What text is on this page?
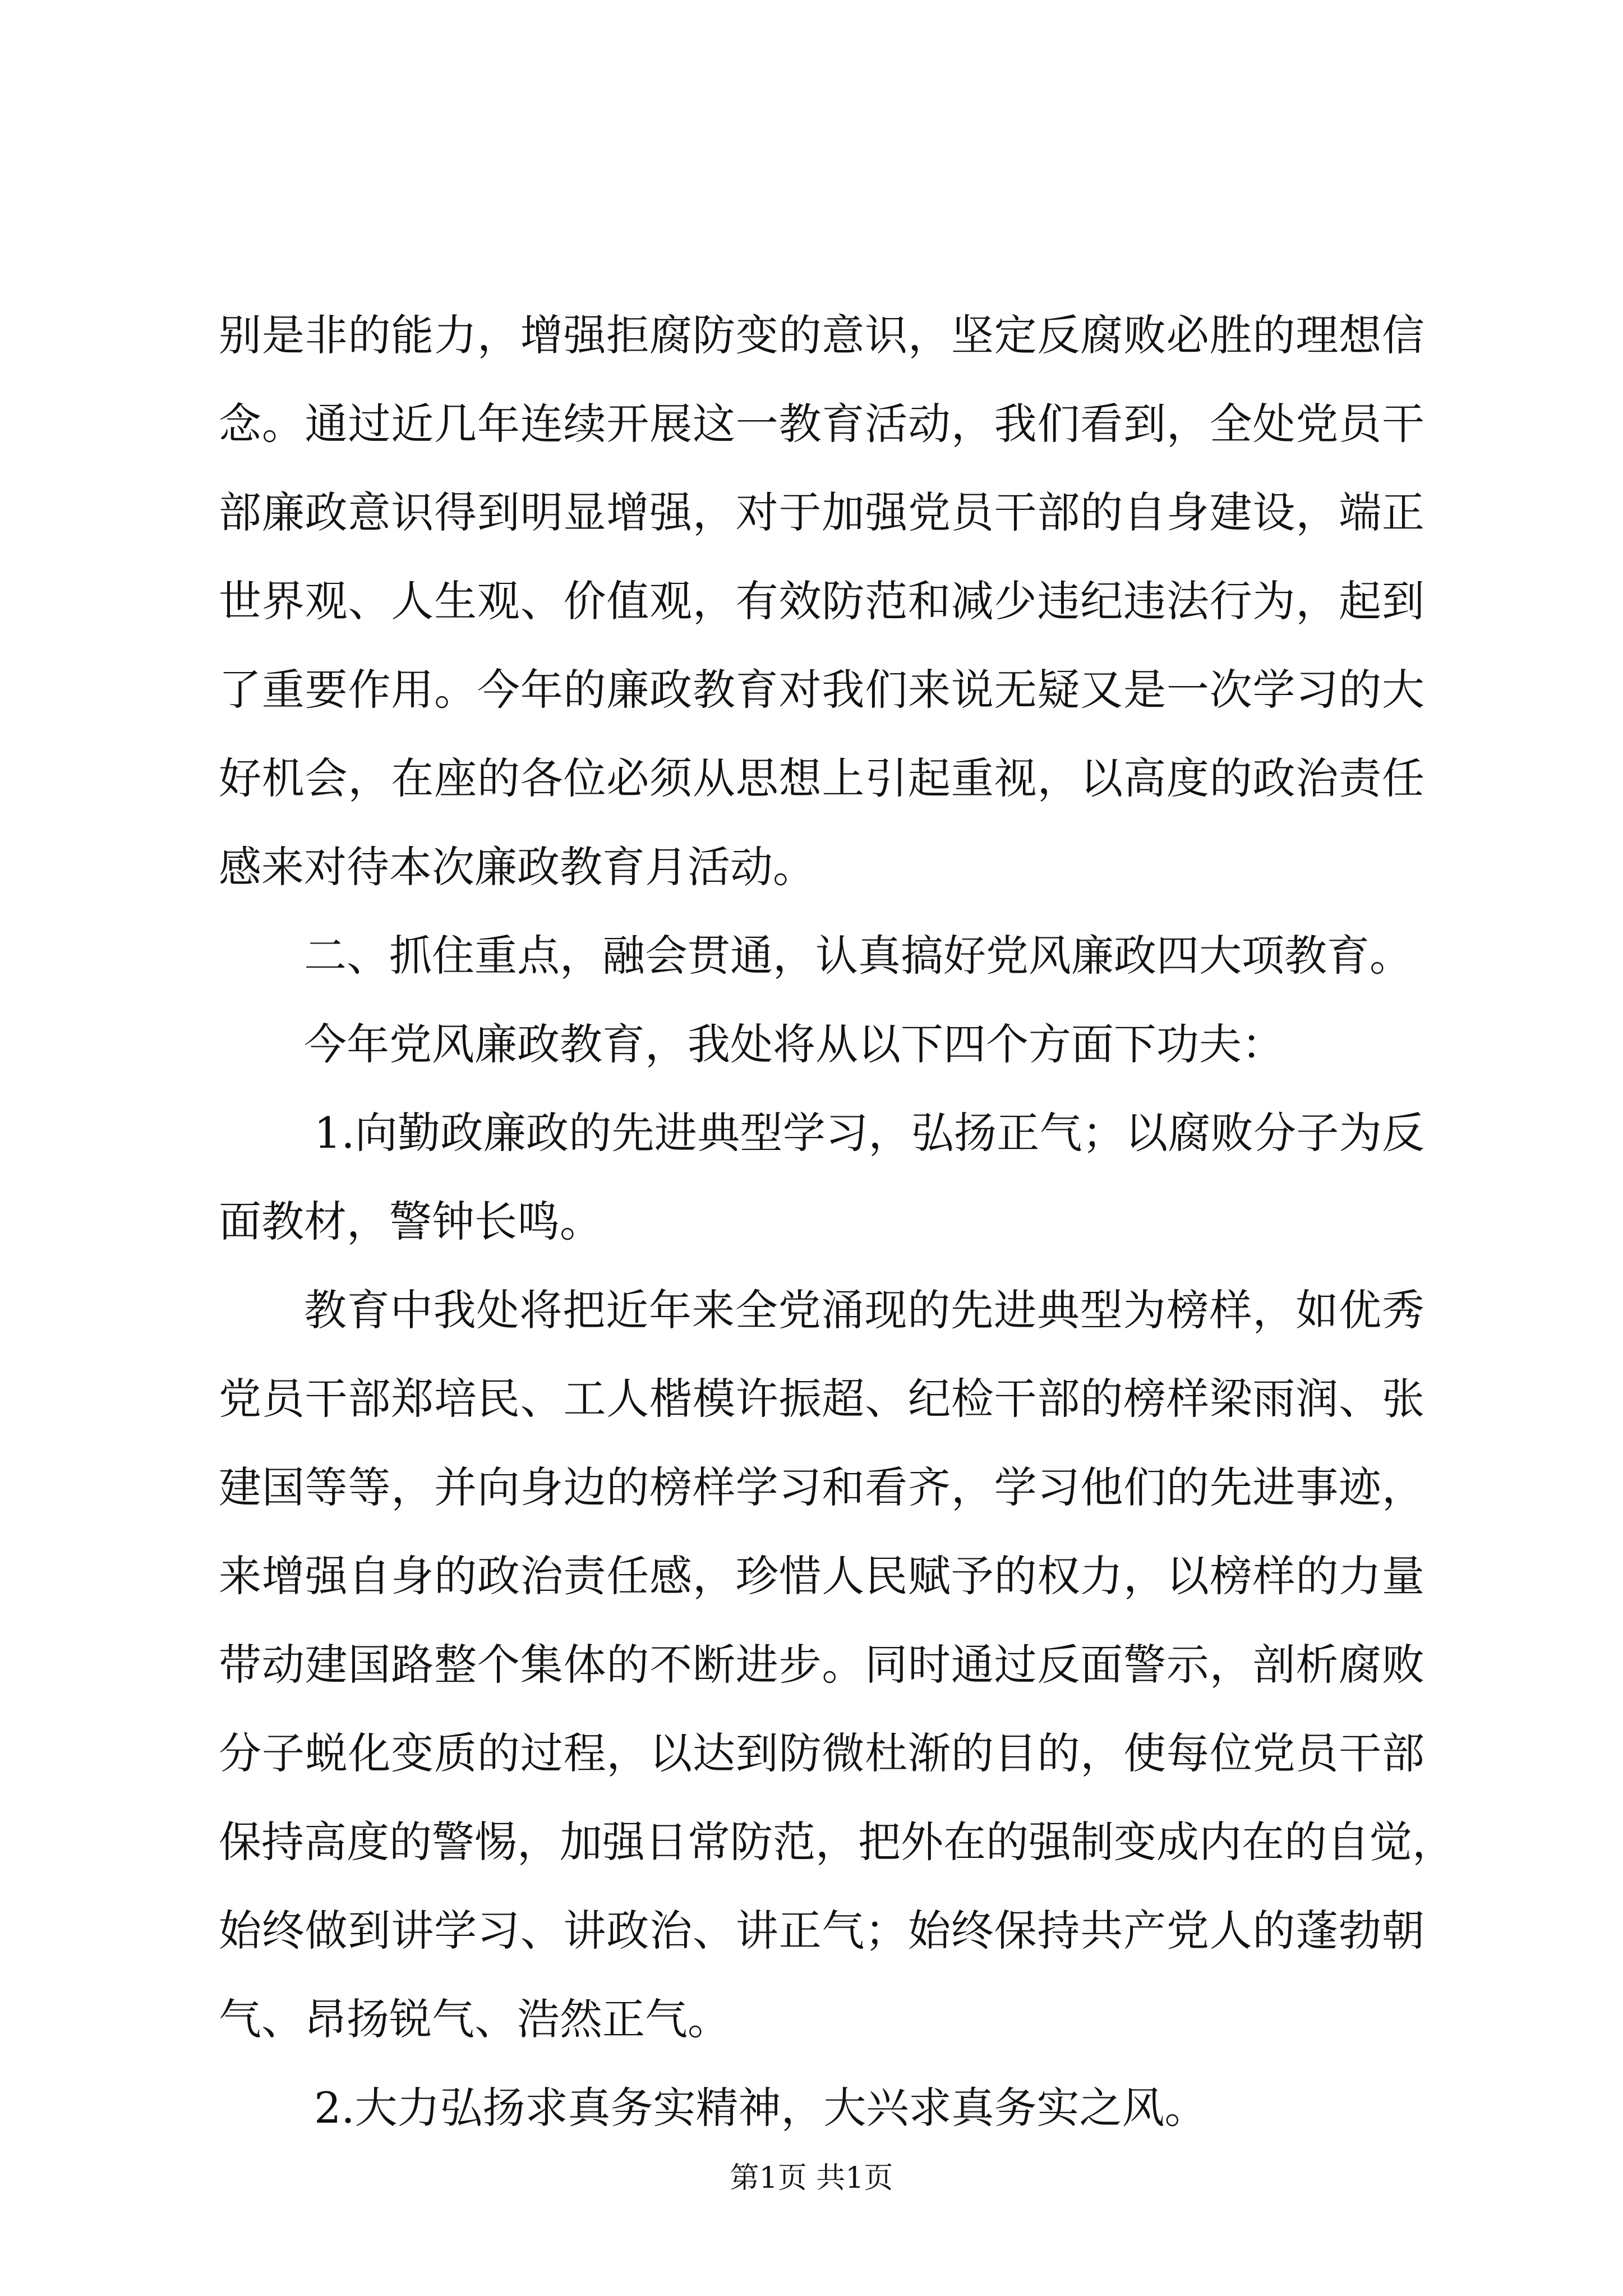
别是非的能力，增强拒腐防变的意识，坚定反腐败必胜的理想信
念。通过近几年连续开展这一教育活动，我们看到，全处党员干
部廉政意识得到明显增强，对于加强党员干部的自身建设，端正
世界观、人生观、价值观，有效防范和减少违纪违法行为，起到
了重要作用。今年的廉政教育对我们来说无疑又是一次学习的大
好机会，在座的各位必须从思想上引起重视，以高度的政治责任
感来对待本次廉政教育月活动。
二、抓住重点，融会贯通，认真搞好党风廉政四大项教育。
今年党风廉政教育，我处将从以下四个方面下功夫：
1.向勤政廉政的先进典型学习，弘扬正气；以腐败分子为反
面教材，警钟长鸣。
教育中我处将把近年来全党涌现的先进典型为榜样，如优秀
党员干部郑培民、工人楷模许振超、纪检干部的榜样梁雨润、张
建国等等，并向身边的榜样学习和看齐，学习他们的先进事迹，
来增强自身的政治责任感，珍惜人民赋予的权力，以榜样的力量
带动建国路整个集体的不断进步。同时通过反面警示，剖析腐败
分子蜕化变质的过程，以达到防微杜渐的目的，使每位党员干部
保持高度的警惕，加强日常防范，把外在的强制变成内在的自觉，
始终做到讲学习、讲政治、讲正气；始终保持共产党人的蓬勃朝
气、昂扬锐气、浩然正气。
2.大力弘扬求真务实精神，大兴求真务实之风。
第1页 共1页
